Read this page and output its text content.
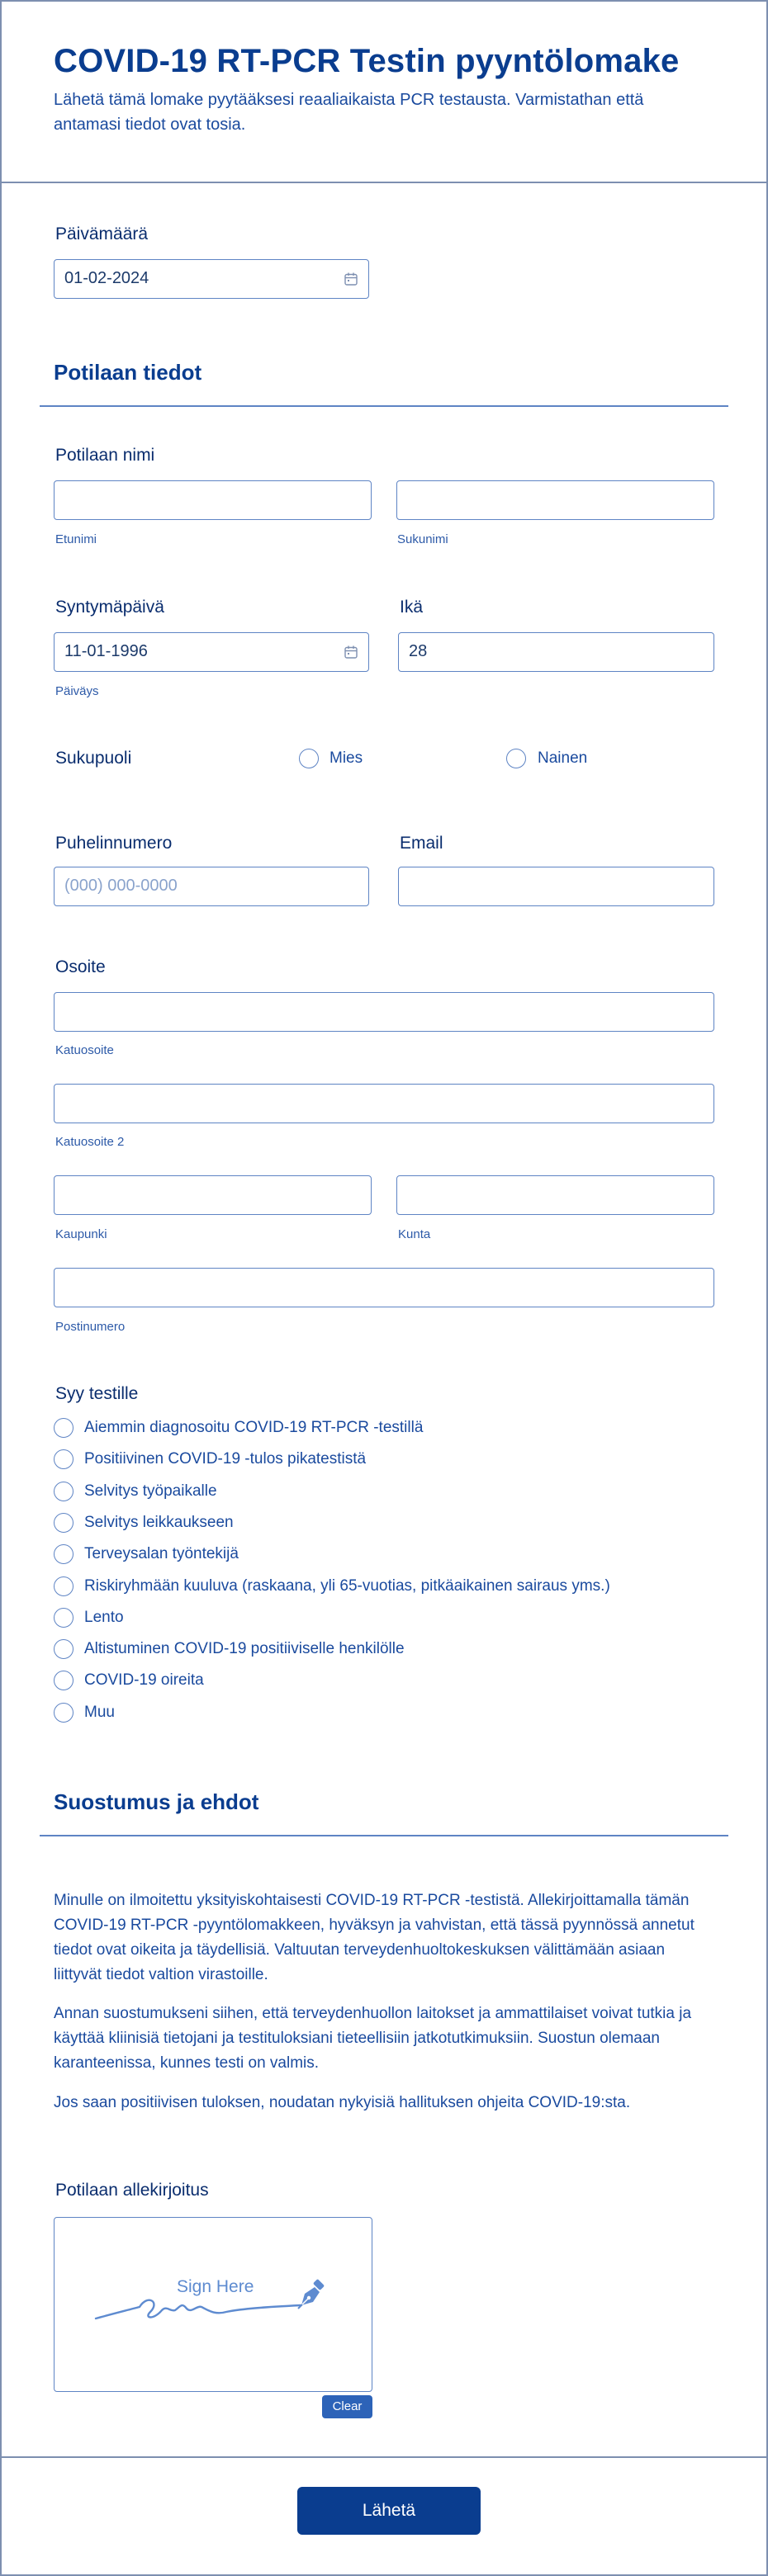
COVID-19 RT-PCR Testin pyyntölomake
Lähetä tämä lomake pyytääksesi reaaliaikaista PCR testausta. Varmistathan että antamasi tiedot ovat tosia.
Päivämäärä
01-02-2024
Potilaan tiedot
Potilaan nimi
Etunimi	Sukunimi
Syntymäpäivä	Ikä
11-01-1996	28
Päiväys
Sukupuoli	Mies	Nainen
Puhelinnumero	Email
(000) 000-0000
Osoite
Katuosoite
Katuosoite 2
Kaupunki	Kunta
Postinumero
Syy testille
Aiemmin diagnosoitu COVID-19 RT-PCR -testillä
Positiivinen COVID-19 -tulos pikatestistä
Selvitys työpaikalle
Selvitys leikkaukseen
Terveysalan työntekijä
Riskiryhmään kuuluva (raskaana, yli 65-vuotias, pitkäaikainen sairaus yms.)
Lento
Altistuminen COVID-19 positiiviselle henkilölle
COVID-19 oireita
Muu
Suostumus ja ehdot
Minulle on ilmoitettu yksityiskohtaisesti COVID-19 RT-PCR -testistä. Allekirjoittamalla tämän COVID-19 RT-PCR -pyyntölomakkeen, hyväksyn ja vahvistan, että tässä pyynnössä annetut tiedot ovat oikeita ja täydellisiä. Valtuutan terveydenhuoltokeskuksen välittämään asiaan liittyvät tiedot valtion virastoille.
Annan suostumukseni siihen, että terveydenhuollon laitokset ja ammattilaiset voivat tutkia ja käyttää kliinisiä tietojani ja testituloksiani tieteellisiin jatkotutkimuksiin. Suostun olemaan karanteenissa, kunnes testi on valmis.
Jos saan positiivisen tuloksen, noudatan nykyisiä hallituksen ohjeita COVID-19:sta.
Potilaan allekirjoitus
Sign Here
Clear
Lähetä
